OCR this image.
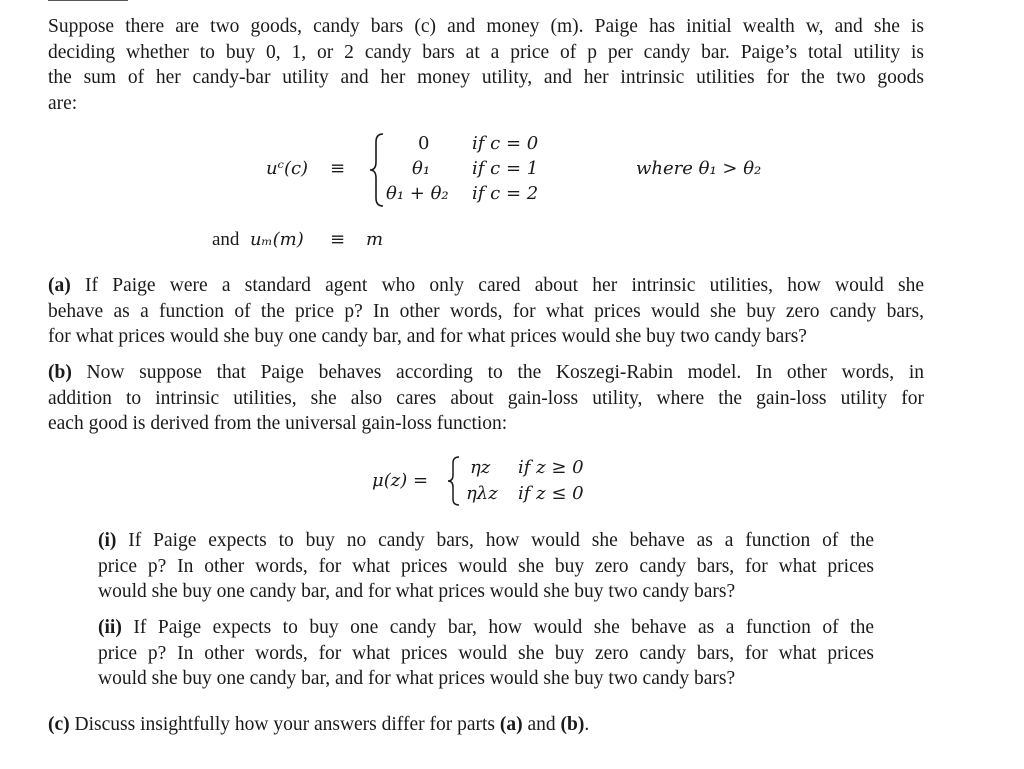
Suppose there are two goods, candy bars (c) and money (m). Paige has initial wealth w, and she is
deciding whether to buy 0, 1, or 2 candy bars at a price of p per candy bar. Paige’s total utility is
the sum of her candy-bar utility and her money utility, and her intrinsic utilities for the two goods
are:
uᶜ(c) ≡
0
θ₁
θ₁ + θ₂
if c = 0
if c = 1
if c = 2
where θ₁ > θ₂
and uₘ(m) ≡ m
(a) If Paige were a standard agent who only cared about her intrinsic utilities, how would she
behave as a function of the price p? In other words, for what prices would she buy zero candy bars,
for what prices would she buy one candy bar, and for what prices would she buy two candy bars?
(b) Now suppose that Paige behaves according to the Koszegi-Rabin model. In other words, in
addition to intrinsic utilities, she also cares about gain-loss utility, where the gain-loss utility for
each good is derived from the universal gain-loss function:
μ(z) =
ηz
ηλz
if z ≥ 0
if z ≤ 0
(i) If Paige expects to buy no candy bars, how would she behave as a function of the
price p? In other words, for what prices would she buy zero candy bars, for what prices
would she buy one candy bar, and for what prices would she buy two candy bars?
(ii) If Paige expects to buy one candy bar, how would she behave as a function of the
price p? In other words, for what prices would she buy zero candy bars, for what prices
would she buy one candy bar, and for what prices would she buy two candy bars?
(c) Discuss insightfully how your answers differ for parts (a) and (b).
